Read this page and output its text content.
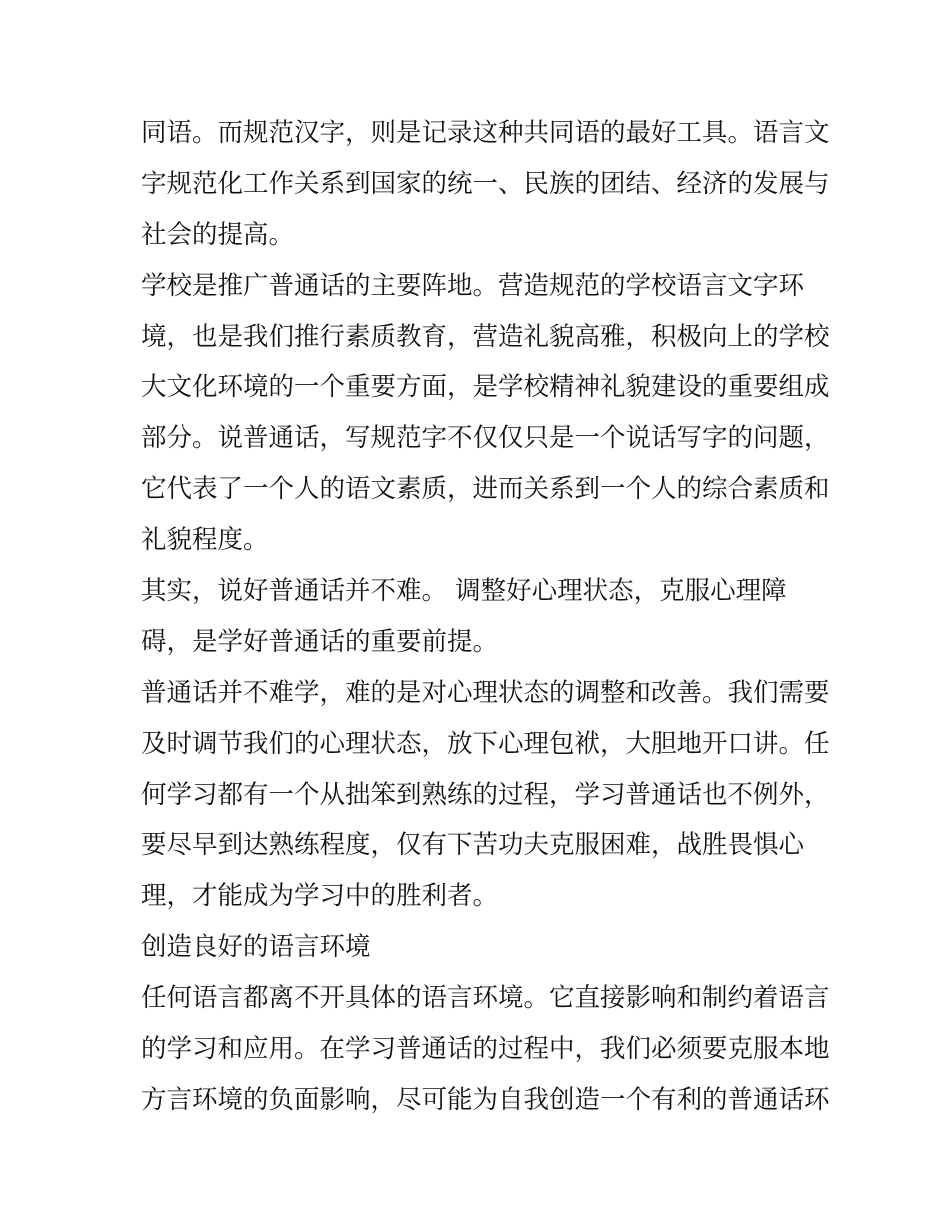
同语。而规范汉字，则是记录这种共同语的最好工具。语言文
字规范化工作关系到国家的统一、民族的团结、经济的发展与
社会的提高。

学校是推广普通话的主要阵地。营造规范的学校语言文字环
境，也是我们推行素质教育，营造礼貌高雅，积极向上的学校
大文化环境的一个重要方面，是学校精神礼貌建设的重要组成
部分。说普通话，写规范字不仅仅只是一个说话写字的问题，
它代表了一个人的语文素质，进而关系到一个人的综合素质和
礼貌程度。

其实，说好普通话并不难。 调整好心理状态，克服心理障
碍，是学好普通话的重要前提。

普通话并不难学，难的是对心理状态的调整和改善。我们需要
及时调节我们的心理状态，放下心理包袱，大胆地开口讲。任
何学习都有一个从拙笨到熟练的过程，学习普通话也不例外，
要尽早到达熟练程度，仅有下苦功夫克服困难，战胜畏惧心
理，才能成为学习中的胜利者。

创造良好的语言环境

任何语言都离不开具体的语言环境。它直接影响和制约着语言
的学习和应用。在学习普通话的过程中，我们必须要克服本地
方言环境的负面影响，尽可能为自我创造一个有利的普通话环
